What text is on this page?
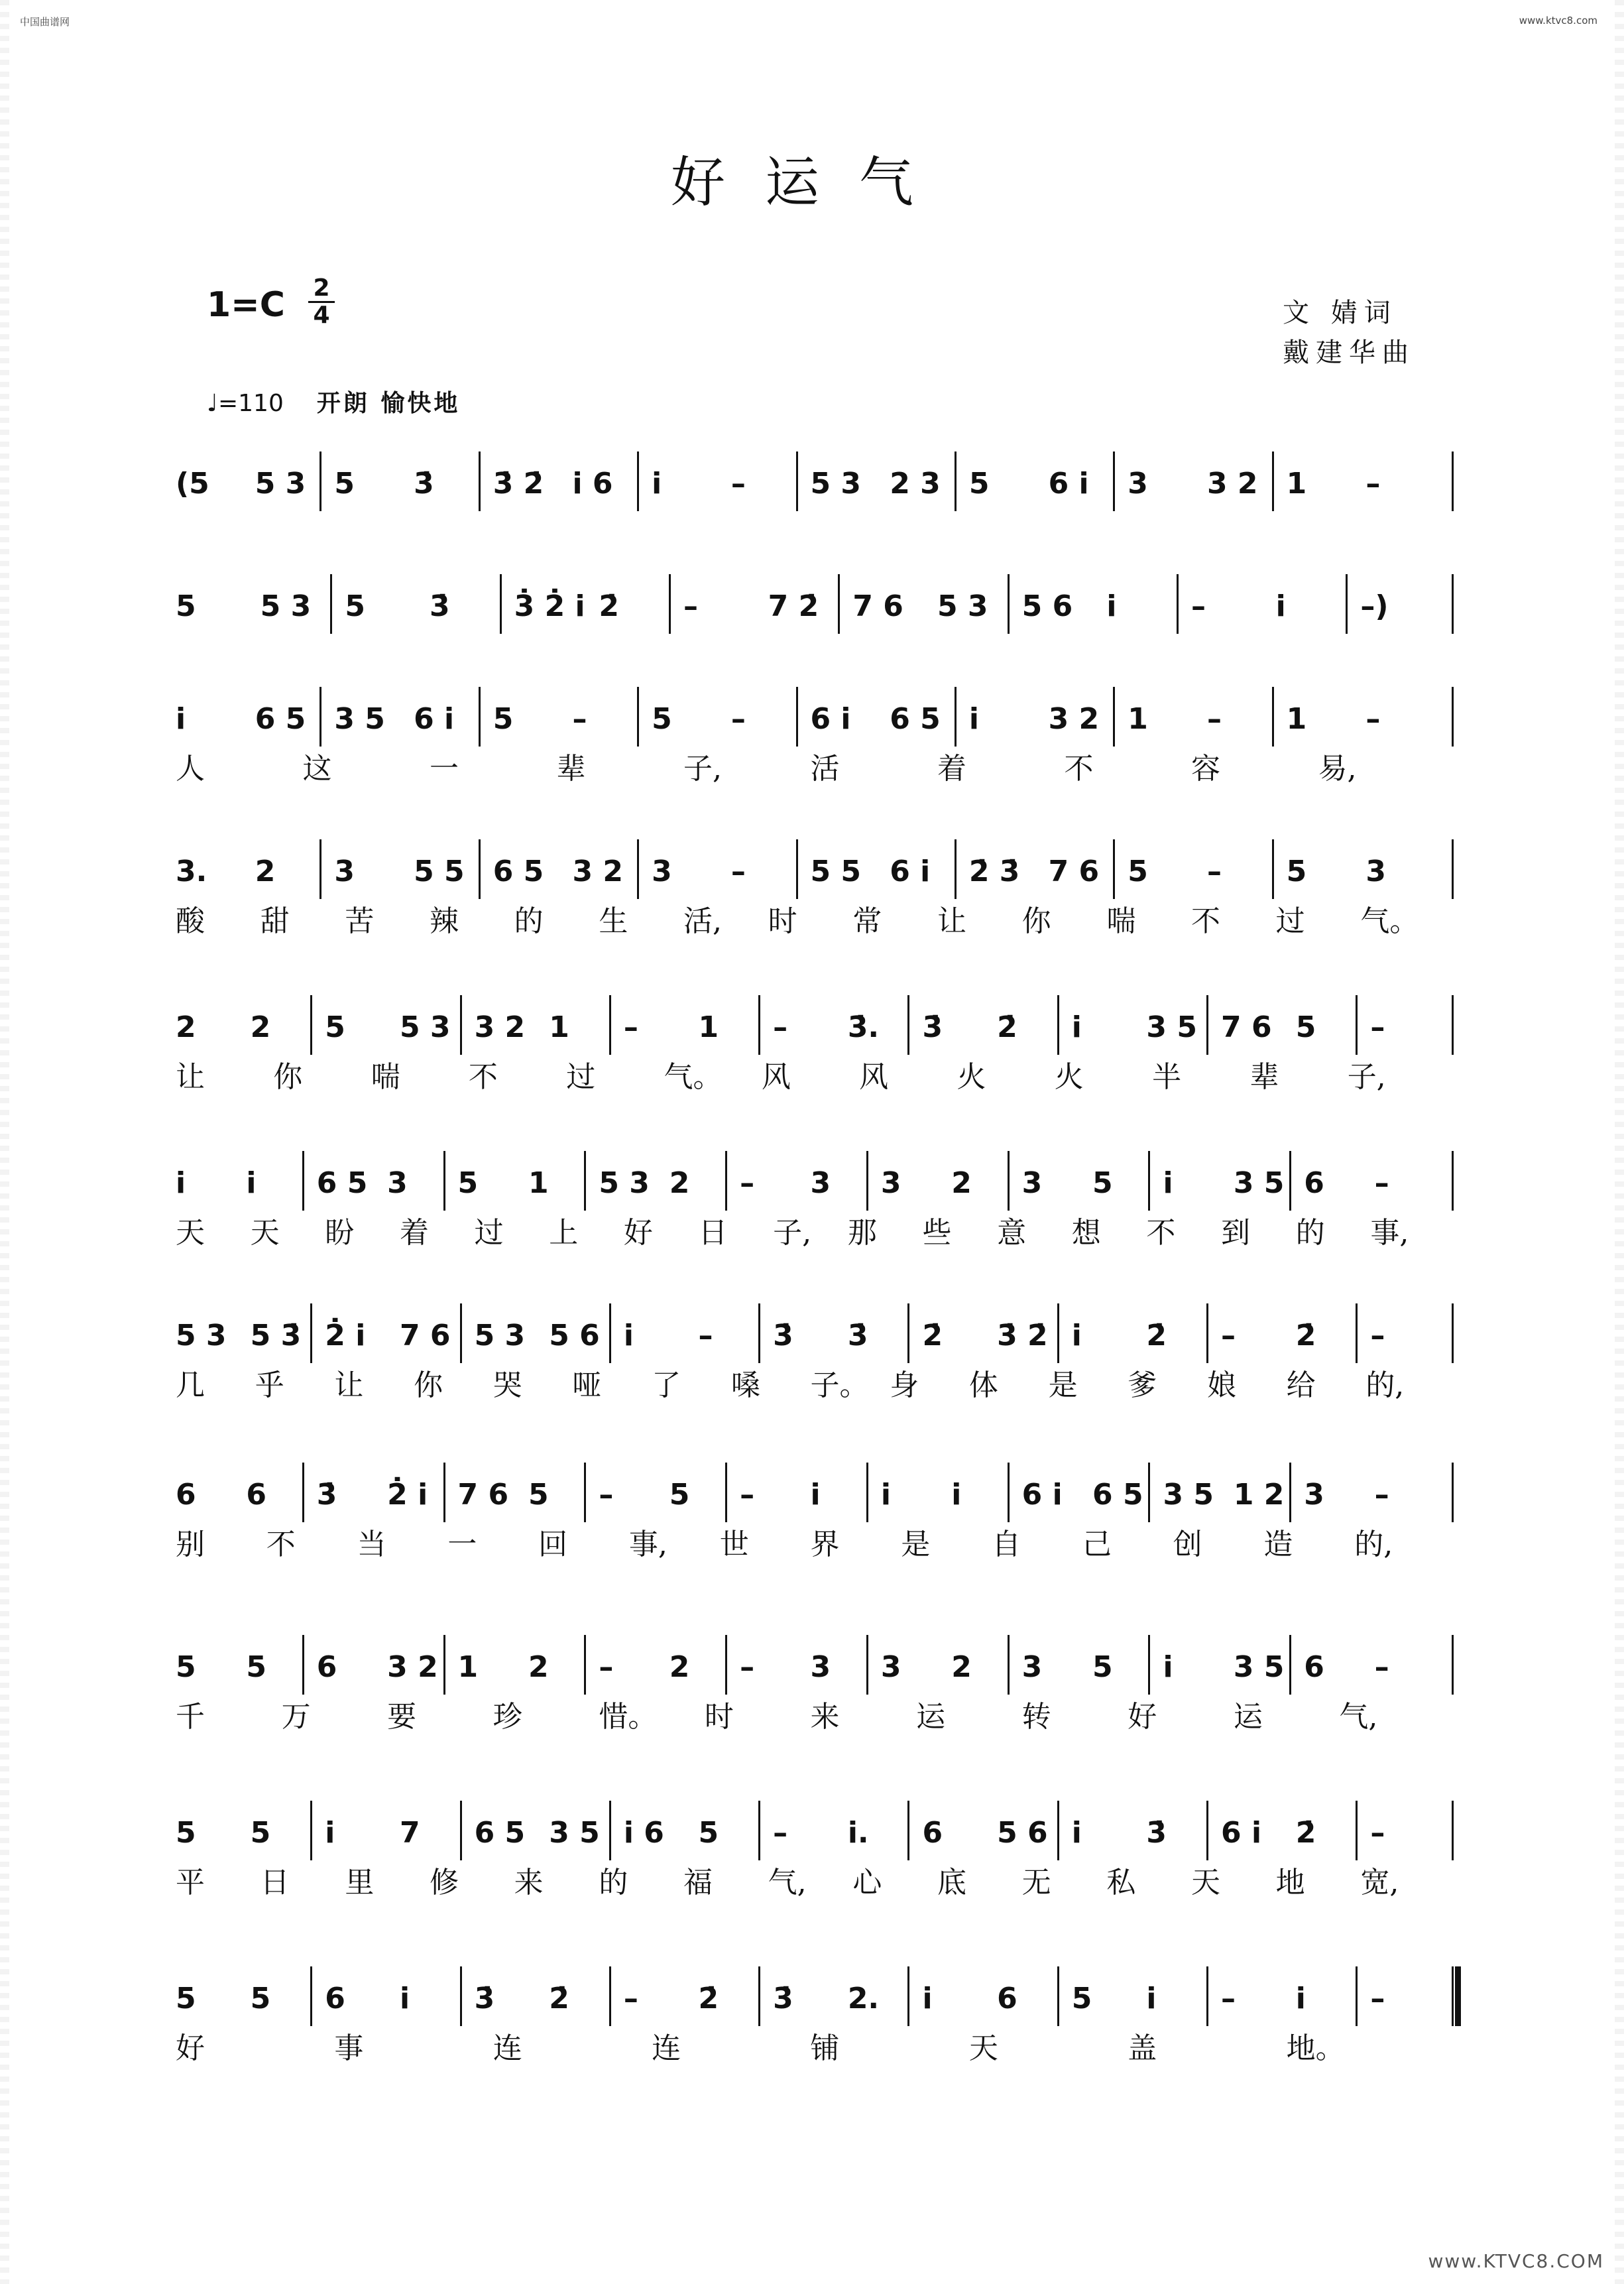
中国曲谱网	www.ktvc8.com
好运气
1=C 2
4	文 婧词
戴建华曲
♩=110 开朗 愉快地
(5 5 3 5 3̇ 3̇ 2̇ i 6 i – 5 3 2 3 5 6 i 3 3 2 1 –
5 5 3 5 3̇ 3̇ 2̇ i 2̇ – 7 2̇ 7 6 5 3 5 6 i	– i	–)
i 6 5 3 5 6 i 5 – 5 – 6 i 6 5 i 3 2 1 – 1 –
人	这	一	辈	子,	活	着	不	容	易,
3. 2 3 5 5 6 5 3 2 3 – 5 5 6 i 2̇ 3̇ 7 6 5 – 5 3
酸 甜 苦 辣 的 生 活, 时 常 让 你 喘 不 过 气。
2 2 5 5 3 3 2 1 – 1 – 3̇. 3̇ 2̇ i 3 5 7 6 5 –
让 你 喘 不 过 气。 风 风 火 火 半 辈 子,
i i 6 5 3 5 1 5 3 2 – 3 3 2 3 5 i 3 5 6 –
天 天 盼 着 过 上 好 日 子, 那 些 意 想 不 到 的 事,
5 3 5 3̇ 2̇ i 7 6 5 3 5 6 i – 3̇ 3̇ 2̇ 3̇ 2̇ i 2̇ – 2̇ –
几 乎 让 你 哭 哑 了 嗓 子。 身 体 是 爹 娘 给 的,
6 6 3̇ 2̇ i 7 6 5 – 5 – i i i 6 i 6 5 3 5 1 2 3 –
别 不 当 一 回 事, 世 界 是 自 己 创 造 的,
5 5 6 3 2 1 2 – 2 – 3 3 2 3 5 i 3 5 6 –
千	万	要	珍	惜。 时	来	运	转	好	运	气,
5 5 i 7 6 5 3 5 i 6 5 – i. 6 5 6 i 3̇ 6 i 2̇ –
平 日 里 修 来 的 福 气, 心 底 无 私 天 地 宽,
5 5 6 i 3̇ 2̇ – 2̇ 3̇ 2. i 6 5 i – i –
好	事	连	连	铺	天	盖	地。
www.KTVC8.COM
